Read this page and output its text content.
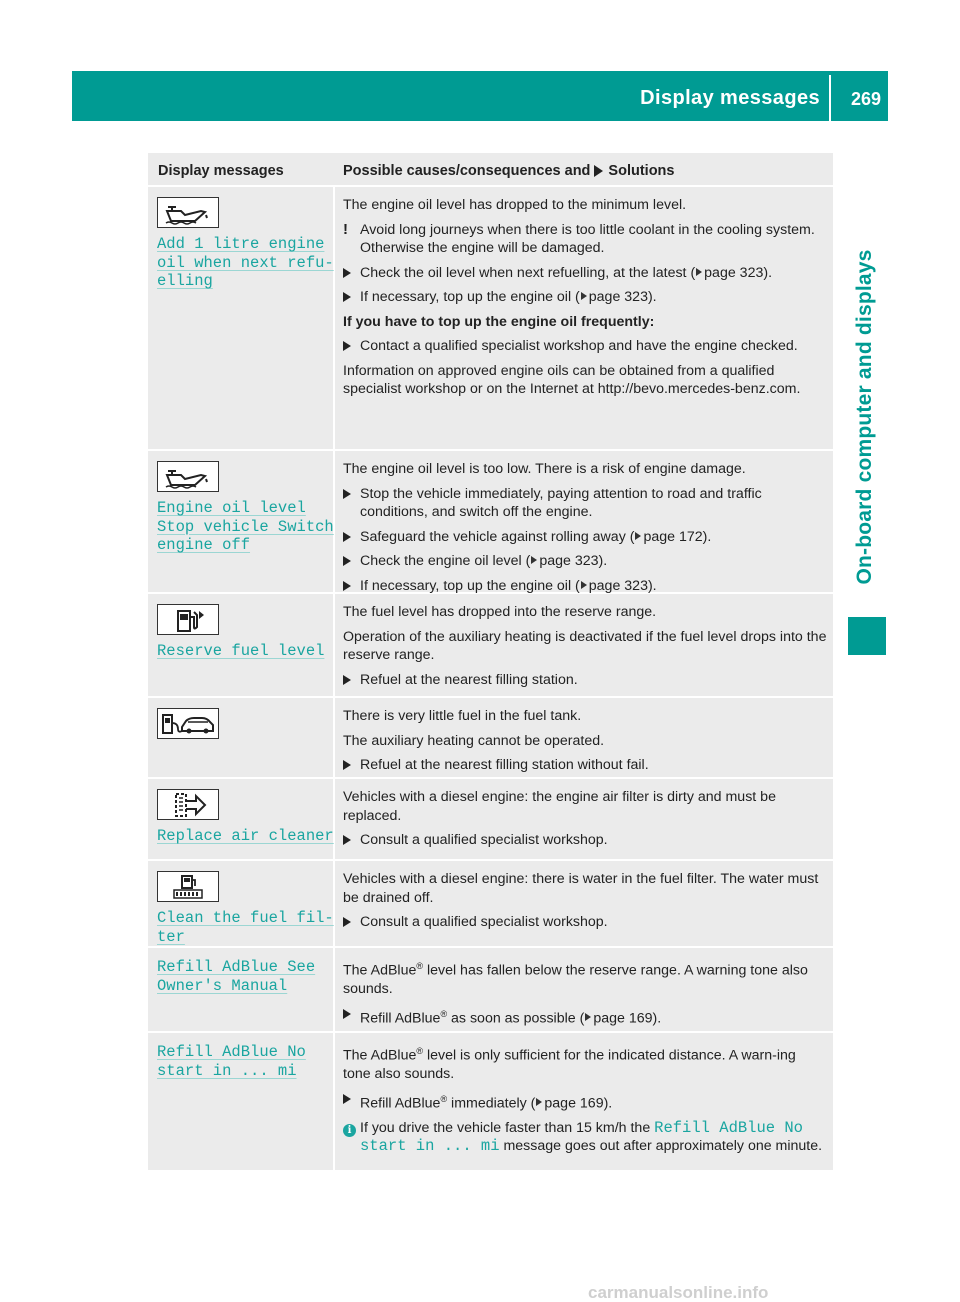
Display messages 269
On-board computer and displays
Display messages	Possible causes/consequences and Solutions
Add 1 litre engine
oil when next refu‐
elling

The engine oil level has dropped to the minimum level.

! Avoid long journeys when there is too little coolant in the cooling system. Otherwise the engine will be damaged.
Check the oil level when next refuelling, at the latest ( page 323).
If necessary, top up the engine oil ( page 323).

If you have to top up the engine oil frequently:

Contact a qualified specialist workshop and have the engine checked.

Information on approved engine oils can be obtained from a qualified specialist workshop or on the Internet at http://bevo.mercedes-benz.com.

Engine oil level
Stop vehicle Switch
engine off

The engine oil level is too low. There is a risk of engine damage.

Stop the vehicle immediately, paying attention to road and traffic conditions, and switch off the engine.
Safeguard the vehicle against rolling away ( page 172).
Check the engine oil level ( page 323).
If necessary, top up the engine oil ( page 323).
Reserve fuel level

The fuel level has dropped into the reserve range.

Operation of the auxiliary heating is deactivated if the fuel level drops into the reserve range.

Refuel at the nearest filling station.

There is very little fuel in the fuel tank.

The auxiliary heating cannot be operated.

Refuel at the nearest filling station without fail.
Replace air cleaner

Vehicles with a diesel engine: the engine air filter is dirty and must be replaced.

Consult a qualified specialist workshop.
Clean the fuel fil‐
ter

Vehicles with a diesel engine: there is water in the fuel filter. The water must be drained off.

Consult a qualified specialist workshop.
Refill AdBlue See
Owner's Manual

The AdBlue® level has fallen below the reserve range. A warning tone also sounds.

Refill AdBlue® as soon as possible ( page 169).
Refill AdBlue No
start in ... mi

The AdBlue® level is only sufficient for the indicated distance. A warn-ing tone also sounds.

Refill AdBlue® immediately ( page 169).
i If you drive the vehicle faster than 15 km/h the Refill AdBlue No start in ... mi message goes out after approximately one minute.
carmanualsonline.info
